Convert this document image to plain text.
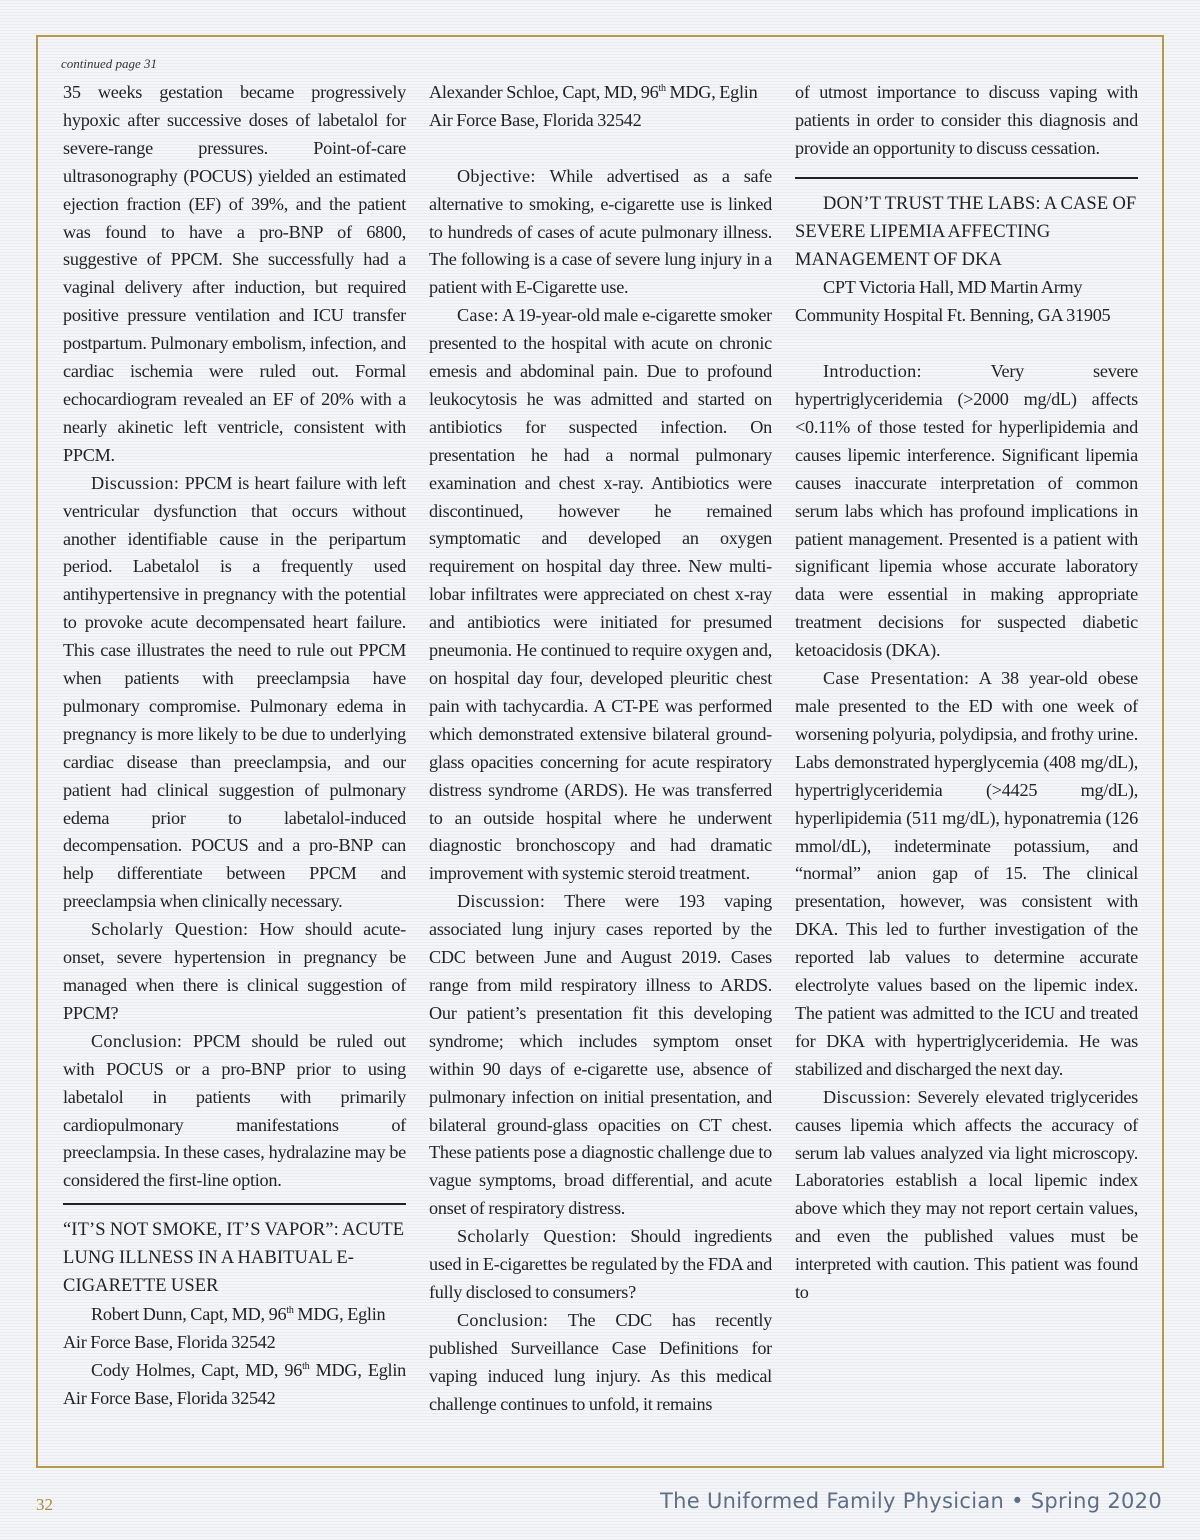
continued page 31

35 weeks gestation became progressively hypoxic after successive doses of labetalol for severe-range pressures. Point-of-care ultrasonography (POCUS) yielded an estimated ejection fraction (EF) of 39%, and the patient was found to have a pro-BNP of 6800, suggestive of PPCM. She successfully had a vaginal delivery after induction, but required positive pressure ventilation and ICU transfer postpartum. Pulmonary embolism, infection, and cardiac ischemia were ruled out. Formal echocardiogram revealed an EF of 20% with a nearly akinetic left ventricle, consistent with PPCM.

Discussion: PPCM is heart failure with left ventricular dysfunction that occurs without another identifiable cause in the peripartum period. Labetalol is a frequently used antihypertensive in pregnancy with the potential to provoke acute decompensated heart failure. This case illustrates the need to rule out PPCM when patients with preeclampsia have pulmonary compromise. Pulmonary edema in pregnancy is more likely to be due to underlying cardiac disease than preeclampsia, and our patient had clinical suggestion of pulmonary edema prior to labetalol-induced decompensation. POCUS and a pro-BNP can help differentiate between PPCM and preeclampsia when clinically necessary.

Scholarly Question: How should acute-onset, severe hypertension in pregnancy be managed when there is clinical suggestion of PPCM?

Conclusion: PPCM should be ruled out with POCUS or a pro-BNP prior to using labetalol in patients with primarily cardiopulmonary manifestations of preeclampsia. In these cases, hydralazine may be considered the first-line option.

“IT’S NOT SMOKE, IT’S VAPOR”: ACUTE LUNG ILLNESS IN A HABITUAL E-CIGARETTE USER

Robert Dunn, Capt, MD, 96th MDG, Eglin Air Force Base, Florida 32542

Cody Holmes, Capt, MD, 96th MDG, Eglin Air Force Base, Florida 32542

Alexander Schloe, Capt, MD, 96th MDG, Eglin Air Force Base, Florida 32542

Objective: While advertised as a safe alternative to smoking, e-cigarette use is linked to hundreds of cases of acute pulmonary illness. The following is a case of severe lung injury in a patient with E-Cigarette use.

Case: A 19-year-old male e-cigarette smoker presented to the hospital with acute on chronic emesis and abdominal pain. Due to profound leukocytosis he was admitted and started on antibiotics for suspected infection. On presentation he had a normal pulmonary examination and chest x-ray. Antibiotics were discontinued, however he remained symptomatic and developed an oxygen requirement on hospital day three. New multi-lobar infiltrates were appreciated on chest x-ray and antibiotics were initiated for presumed pneumonia. He continued to require oxygen and, on hospital day four, developed pleuritic chest pain with tachycardia. A CT-PE was performed which demonstrated extensive bilateral ground-glass opacities concerning for acute respiratory distress syndrome (ARDS). He was transferred to an outside hospital where he underwent diagnostic bronchoscopy and had dramatic improvement with systemic steroid treatment.

Discussion: There were 193 vaping associated lung injury cases reported by the CDC between June and August 2019. Cases range from mild respiratory illness to ARDS. Our patient’s presentation fit this developing syndrome; which includes symptom onset within 90 days of e-cigarette use, absence of pulmonary infection on initial presentation, and bilateral ground-glass opacities on CT chest. These patients pose a diagnostic challenge due to vague symptoms, broad differential, and acute onset of respiratory distress.

Scholarly Question: Should ingredients used in E-cigarettes be regulated by the FDA and fully disclosed to consumers?

Conclusion: The CDC has recently published Surveillance Case Definitions for vaping induced lung injury. As this medical challenge continues to unfold, it remains

of utmost importance to discuss vaping with patients in order to consider this diagnosis and provide an opportunity to discuss cessation.

DON’T TRUST THE LABS: A CASE OF SEVERE LIPEMIA AFFECTING MANAGEMENT OF DKA

CPT Victoria Hall, MD Martin Army Community Hospital Ft. Benning, GA 31905

Introduction: Very severe hypertriglyceridemia (>2000 mg/dL) affects <0.11% of those tested for hyperlipidemia and causes lipemic interference. Significant lipemia causes inaccurate interpretation of common serum labs which has profound implications in patient management. Presented is a patient with significant lipemia whose accurate laboratory data were essential in making appropriate treatment decisions for suspected diabetic ketoacidosis (DKA).

Case Presentation: A 38 year-old obese male presented to the ED with one week of worsening polyuria, polydipsia, and frothy urine. Labs demonstrated hyperglycemia (408 mg/dL), hypertriglyceridemia (>4425 mg/dL), hyperlipidemia (511 mg/dL), hyponatremia (126 mmol/dL), indeterminate potassium, and “normal” anion gap of 15. The clinical presentation, however, was consistent with DKA. This led to further investigation of the reported lab values to determine accurate electrolyte values based on the lipemic index. The patient was admitted to the ICU and treated for DKA with hypertriglyceridemia. He was stabilized and discharged the next day.

Discussion: Severely elevated triglycerides causes lipemia which affects the accuracy of serum lab values analyzed via light microscopy. Laboratories establish a local lipemic index above which they may not report certain values, and even the published values must be interpreted with caution. This patient was found to

32	The Uniformed Family Physician • Spring 2020
